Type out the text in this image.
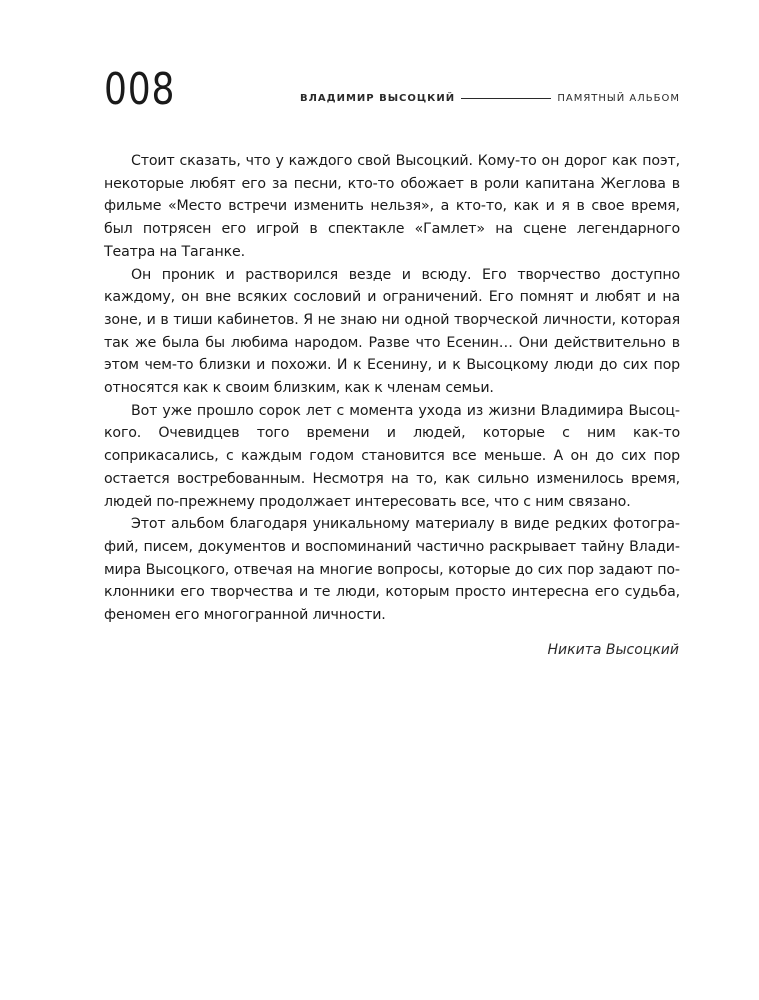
008	ВЛАДИМИР ВЫСОЦКИЙ	ПАМЯТНЫЙ АЛЬБОМ

Стоит сказать, что у каждого свой Высоцкий. Кому-то он дорог как поэт, некоторые любят его за песни, кто-то обожает в роли капитана Жеглова в фильме «Место встречи изменить нельзя», а кто-то, как и я в свое время, был потрясен его игрой в спектакле «Гамлет» на сцене легендарного Театра на Таганке.

Он проник и растворился везде и всюду. Его творчество доступно каждому, он вне всяких сословий и ограничений. Его помнят и любят и на зоне, и в тиши кабинетов. Я не знаю ни одной творческой личности, которая так же была бы любима народом. Разве что Есенин… Они действительно в этом чем-то близки и похожи. И к Есенину, и к Высоцкому люди до сих пор относятся как к своим близким, как к членам семьи.

Вот уже прошло сорок лет с момента ухода из жизни Владимира Высоцкого. Очевидцев того времени и людей, которые с ним как-то соприкасались, с каждым годом становится все меньше. А он до сих пор остается востребованным. Несмотря на то, как сильно изменилось время, людей по-прежнему продолжает интересовать все, что с ним связано.

Этот альбом благодаря уникальному материалу в виде редких фотографий, писем, документов и воспоминаний частично раскрывает тайну Владимира Высоцкого, отвечая на многие вопросы, которые до сих пор задают поклонники его творчества и те люди, которым просто интересна его судьба, феномен его многогранной личности.

Никита Высоцкий
